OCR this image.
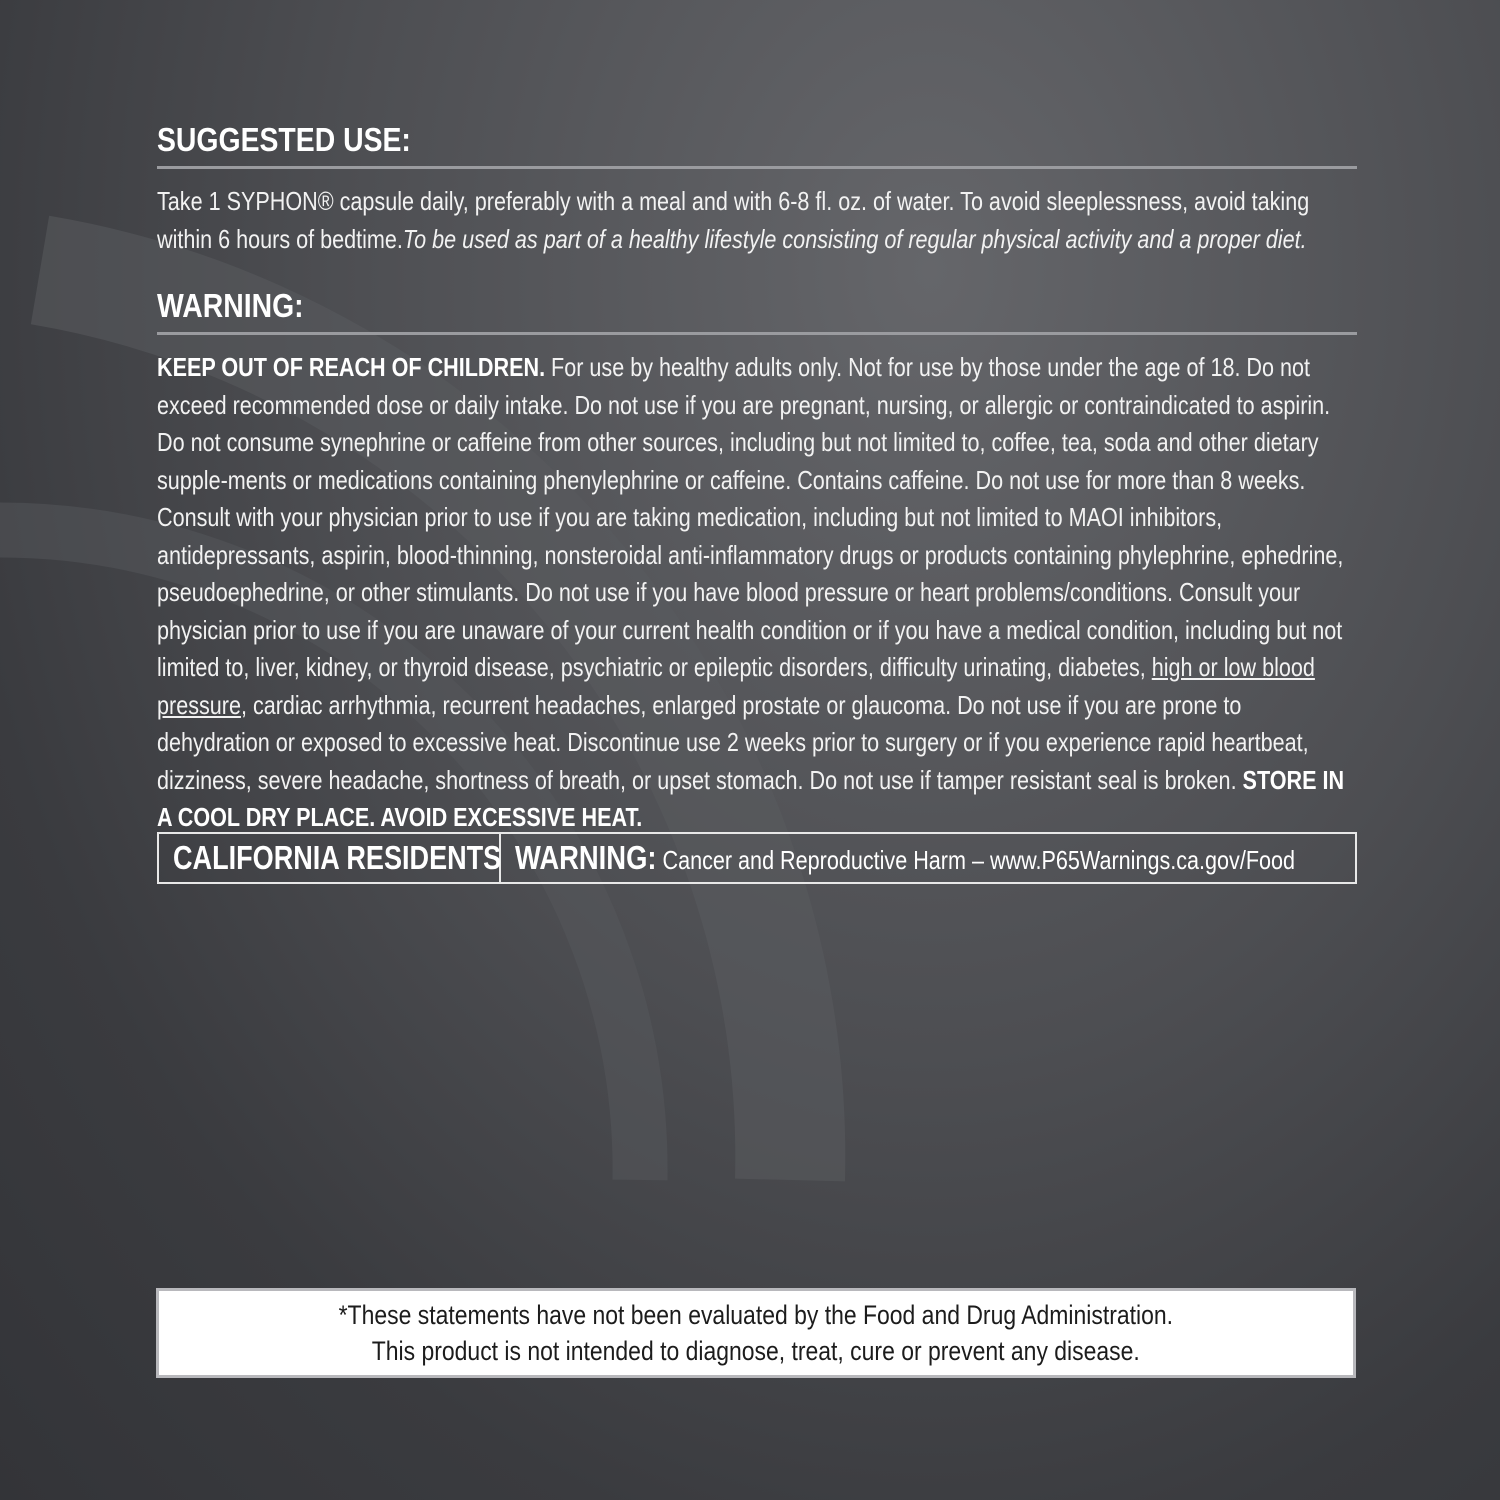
SUGGESTED USE:

Take 1 SYPHON® capsule daily, preferably with a meal and with 6-8 fl. oz. of water. To avoid sleeplessness, avoid taking within 6 hours of bedtime.To be used as part of a healthy lifestyle consisting of regular physical activity and a proper diet.

WARNING:

KEEP OUT OF REACH OF CHILDREN. For use by healthy adults only. Not for use by those under the age of 18. Do not exceed recommended dose or daily intake. Do not use if you are pregnant, nursing, or allergic or contraindicated to aspirin. Do not consume synephrine or caffeine from other sources, including but not limited to, coffee, tea, soda and other dietary supple-ments or medications containing phenylephrine or caffeine. Contains caffeine. Do not use for more than 8 weeks. Consult with your physician prior to use if you are taking medication, including but not limited to MAOI inhibitors, antidepressants, aspirin, blood-thinning, nonsteroidal anti-inflammatory drugs or products containing phylephrine, ephedrine, pseudoephedrine, or other stimulants. Do not use if you have blood pressure or heart problems/conditions. Consult your physician prior to use if you are unaware of your current health condition or if you have a medical condition, including but not limited to, liver, kidney, or thyroid disease, psychiatric or epileptic disorders, difficulty urinating, diabetes, high or low blood pressure, cardiac arrhythmia, recurrent headaches, enlarged prostate or glaucoma. Do not use if you are prone to dehydration or exposed to excessive heat. Discontinue use 2 weeks prior to surgery or if you experience rapid heartbeat, dizziness, severe headache, shortness of breath, or upset stomach. Do not use if tamper resistant seal is broken. STORE IN A COOL DRY PLACE. AVOID EXCESSIVE HEAT.

CALIFORNIA RESIDENTS WARNING: Cancer and Reproductive Harm – www.P65Warnings.ca.gov/Food
*These statements have not been evaluated by the Food and Drug Administration.
This product is not intended to diagnose, treat, cure or prevent any disease.
